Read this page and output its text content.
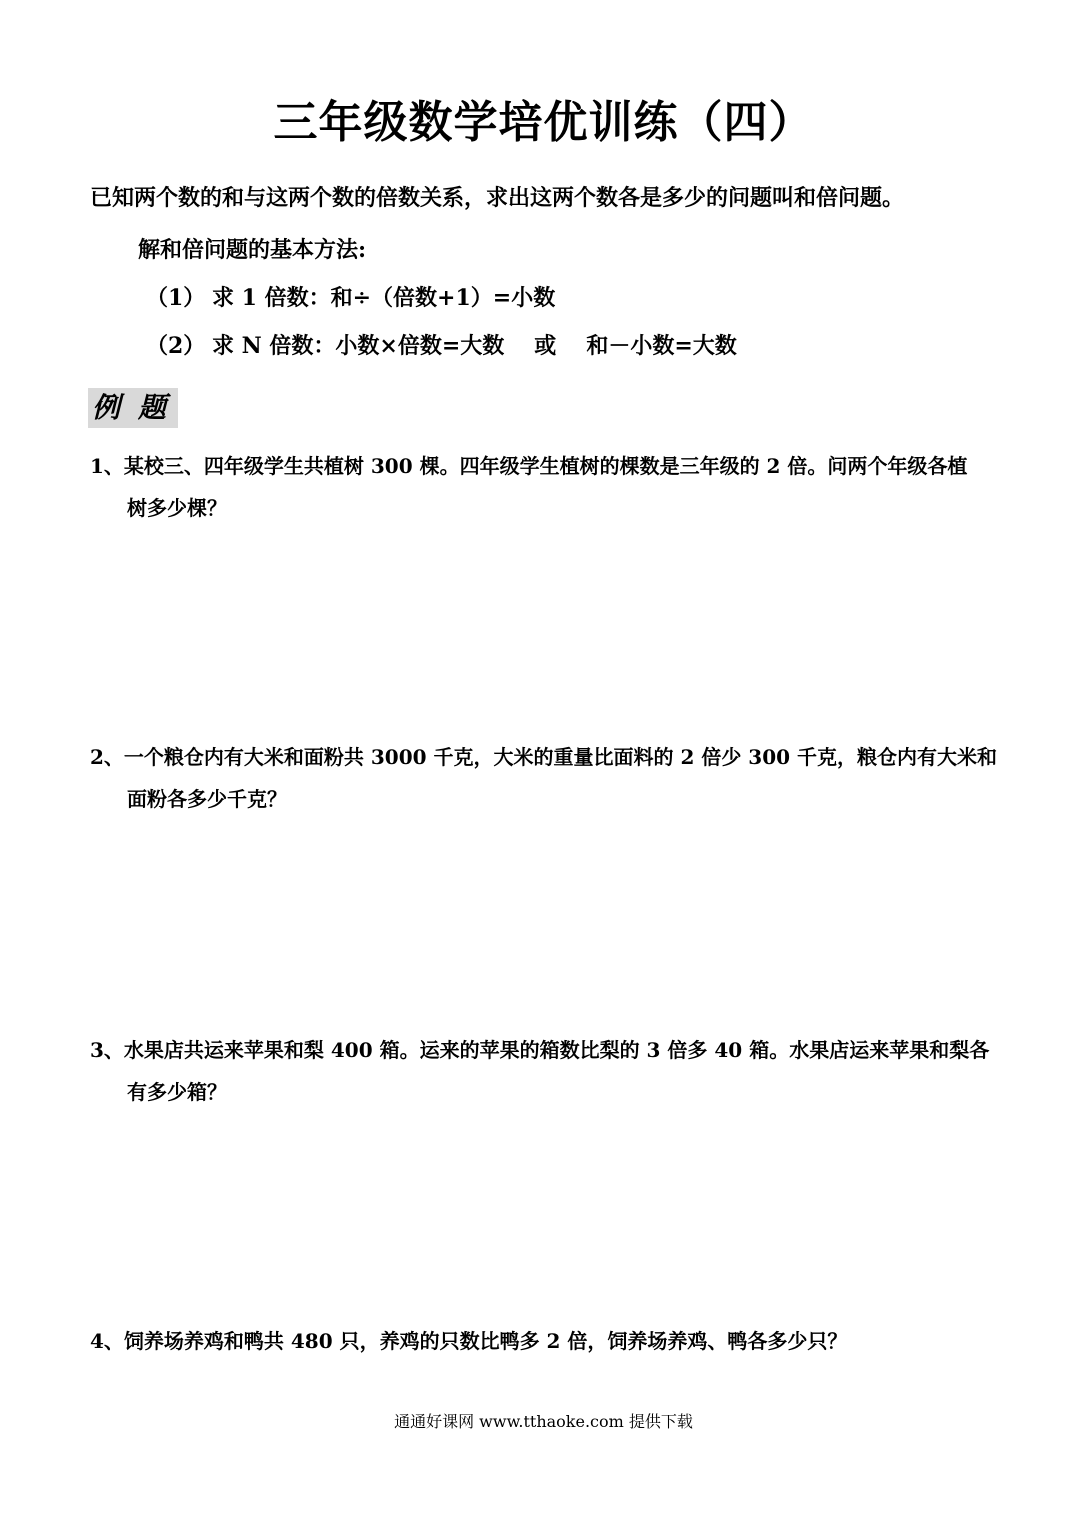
三年级数学培优训练（四）
已知两个数的和与这两个数的倍数关系，求出这两个数各是多少的问题叫和倍问题。
解和倍问题的基本方法:
（1） 求 1 倍数：和÷（倍数+1）=小数
（2） 求 N 倍数：小数×倍数=大数 或 和－小数=大数
例题
1、某校三、四年级学生共植树 300 棵。四年级学生植树的棵数是三年级的 2 倍。问两个年级各植
树多少棵？
2、一个粮仓内有大米和面粉共 3000 千克，大米的重量比面料的 2 倍少 300 千克，粮仓内有大米和
面粉各多少千克？
3、水果店共运来苹果和梨 400 箱。运来的苹果的箱数比梨的 3 倍多 40 箱。水果店运来苹果和梨各
有多少箱？
4、饲养场养鸡和鸭共 480 只，养鸡的只数比鸭多 2 倍，饲养场养鸡、鸭各多少只？
通通好课网 www.tthaoke.com 提供下载
